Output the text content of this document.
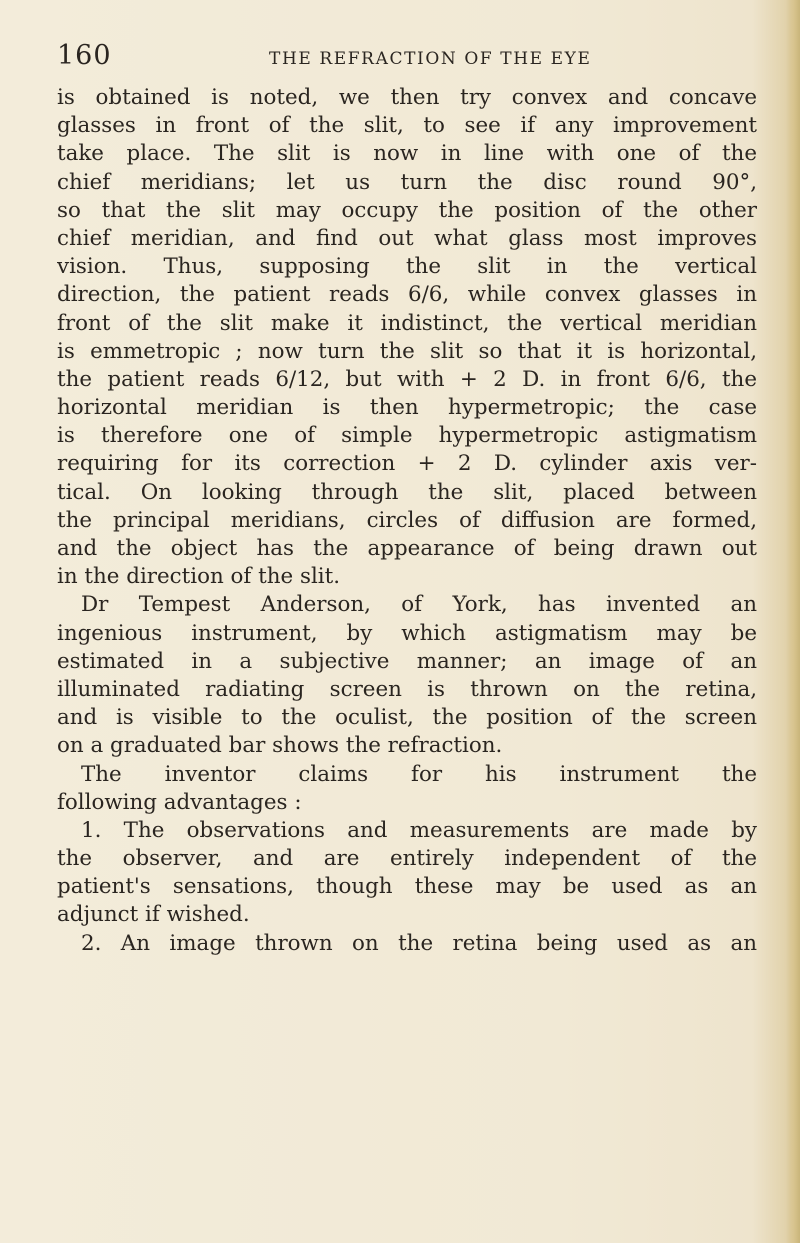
160	THE REFRACTION OF THE EYE
is obtained is noted, we then try convex and concave
glasses in front of the slit, to see if any improvement
take place. The slit is now in line with one of the
chief meridians; let us turn the disc round 90°,
so that the slit may occupy the position of the other
chief meridian, and find out what glass most improves
vision. Thus, supposing the slit in the vertical
direction, the patient reads 6/6, while convex glasses in
front of the slit make it indistinct, the vertical meridian
is emmetropic ; now turn the slit so that it is horizontal,
the patient reads 6/12, but with + 2 D. in front 6/6, the
horizontal meridian is then hypermetropic; the case
is therefore one of simple hypermetropic astigmatism
requiring for its correction + 2 D. cylinder axis ver-
tical. On looking through the slit, placed between
the principal meridians, circles of diffusion are formed,
and the object has the appearance of being drawn out
in the direction of the slit.
Dr Tempest Anderson, of York, has invented an
ingenious instrument, by which astigmatism may be
estimated in a subjective manner; an image of an
illuminated radiating screen is thrown on the retina,
and is visible to the oculist, the position of the screen
on a graduated bar shows the refraction.
The inventor claims for his instrument the
following advantages :
1. The observations and measurements are made by
the observer, and are entirely independent of the
patient's sensations, though these may be used as an
adjunct if wished.
2. An image thrown on the retina being used as an
